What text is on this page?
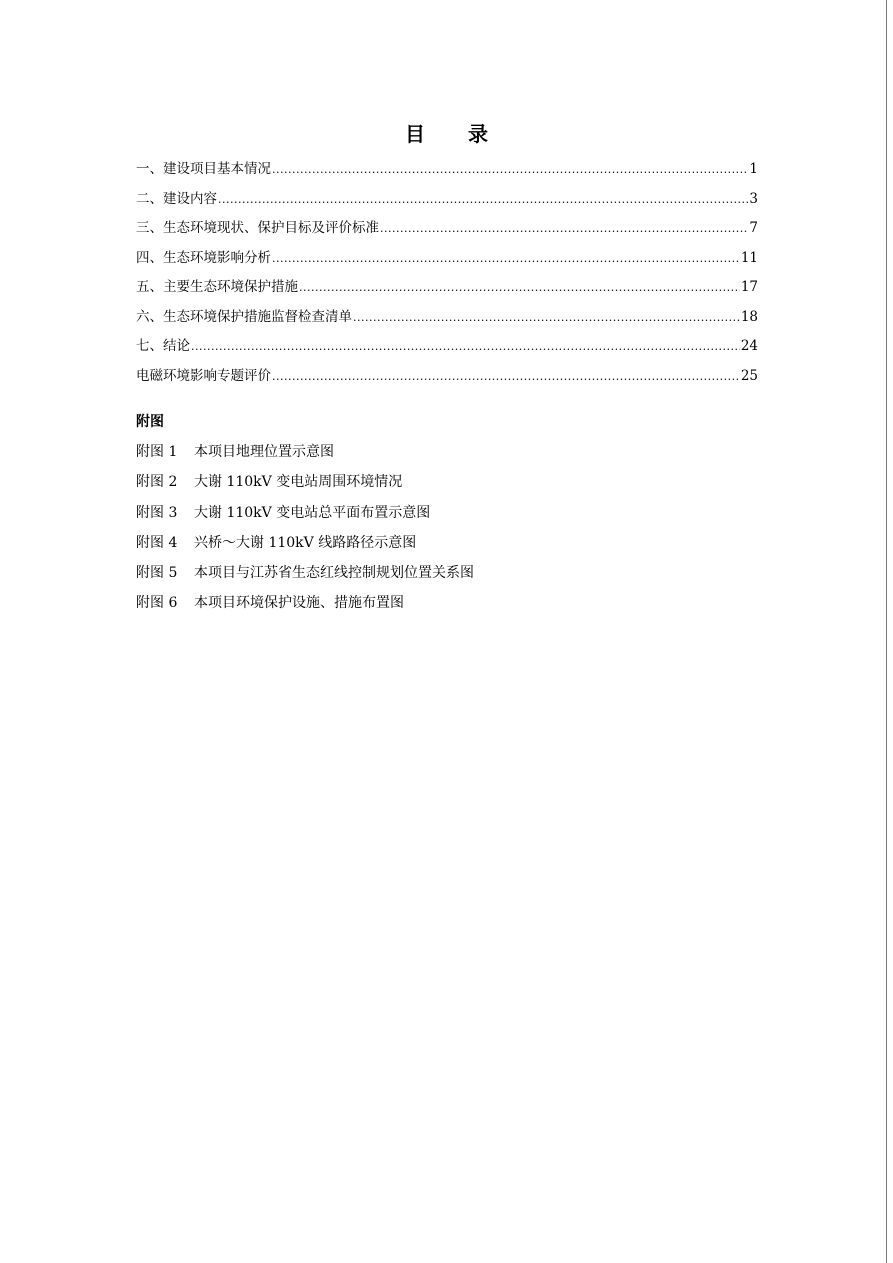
目 录
一、建设项目基本情况 .....	1
二、建设内容 .....	3
三、生态环境现状、保护目标及评价标准 .....	7
四、生态环境影响分析 .....	11
五、主要生态环境保护措施 .....	17
六、生态环境保护措施监督检查清单 .....	18
七、结论 .....	24
电磁环境影响专题评价 .....	25
附图
附图 1	本项目地理位置示意图
附图 2	大谢 110kV 变电站周围环境情况
附图 3	大谢 110kV 变电站总平面布置示意图
附图 4	兴桥～大谢 110kV 线路路径示意图
附图 5	本项目与江苏省生态红线控制规划位置关系图
附图 6	本项目环境保护设施、措施布置图
